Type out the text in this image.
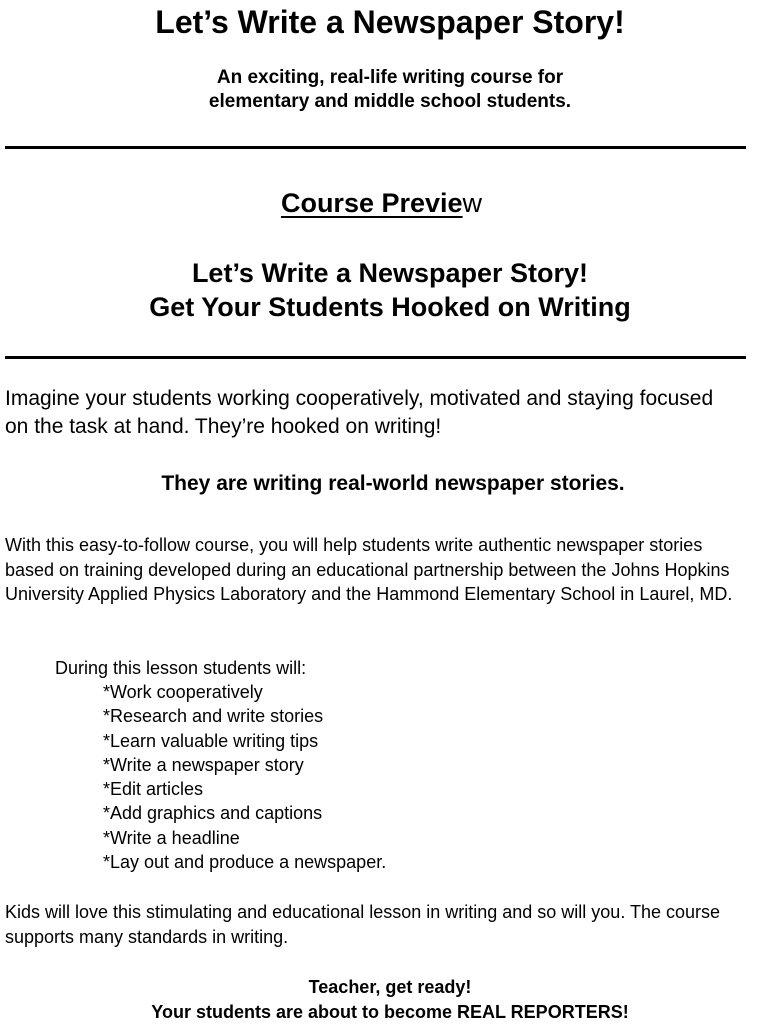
Let’s Write a Newspaper Story!

An exciting, real-life writing course for
elementary and middle school students.

Course Preview
Let’s Write a Newspaper Story!
Get Your Students Hooked on Writing

Imagine your students working cooperatively, motivated and staying focused on the task at hand. They’re hooked on writing!

They are writing real-world newspaper stories.

With this easy-to-follow course, you will help students write authentic newspaper stories based on training developed during an educational partnership between the Johns Hopkins University Applied Physics Laboratory and the Hammond Elementary School in Laurel, MD.

During this lesson students will:

*Work cooperatively
*Research and write stories
*Learn valuable writing tips
*Write a newspaper story
*Edit articles
*Add graphics and captions
*Write a headline
*Lay out and produce a newspaper.

Kids will love this stimulating and educational lesson in writing and so will you. The course supports many standards in writing.

Teacher, get ready!
Your students are about to become REAL REPORTERS!
